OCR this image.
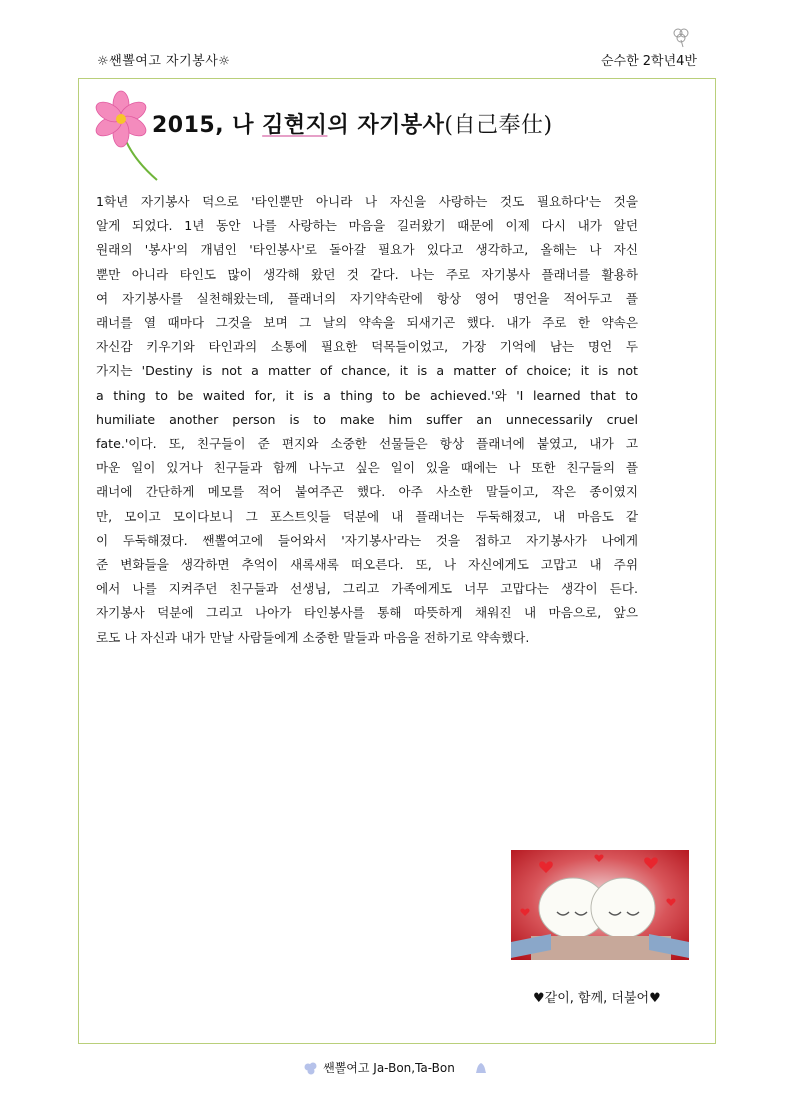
☼쌘뽈여고 자기봉사☼	순수한 2학년4반
2015, 나 김현지의 자기봉사(自己奉仕)
1학년 자기봉사 덕으로 '타인뿐만 아니라 나 자신을 사랑하는 것도 필요하다'는 것을
알게 되었다. 1년 동안 나를 사랑하는 마음을 길러왔기 때문에 이제 다시 내가 알던
원래의 '봉사'의 개념인 '타인봉사'로 돌아갈 필요가 있다고 생각하고, 올해는 나 자신
뿐만 아니라 타인도 많이 생각해 왔던 것 같다. 나는 주로 자기봉사 플래너를 활용하
여 자기봉사를 실천해왔는데, 플래너의 자기약속란에 항상 영어 명언을 적어두고 플
래너를 열 때마다 그것을 보며 그 날의 약속을 되새기곤 했다. 내가 주로 한 약속은
자신감 키우기와 타인과의 소통에 필요한 덕목들이었고, 가장 기억에 남는 명언 두
가지는 'Destiny is not a matter of chance, it is a matter of choice; it is not
a thing to be waited for, it is a thing to be achieved.'와 'I learned that to
humiliate another person is to make him suffer an unnecessarily cruel
fate.'이다. 또, 친구들이 준 편지와 소중한 선물들은 항상 플래너에 붙였고, 내가 고
마운 일이 있거나 친구들과 함께 나누고 싶은 일이 있을 때에는 나 또한 친구들의 플
래너에 간단하게 메모를 적어 붙여주곤 했다. 아주 사소한 말들이고, 작은 종이였지
만, 모이고 모이다보니 그 포스트잇들 덕분에 내 플래너는 두둑해졌고, 내 마음도 같
이 두둑해졌다. 쌘뽈여고에 들어와서 '자기봉사'라는 것을 접하고 자기봉사가 나에게
준 변화들을 생각하면 추억이 새록새록 떠오른다. 또, 나 자신에게도 고맙고 내 주위
에서 나를 지켜주던 친구들과 선생님, 그리고 가족에게도 너무 고맙다는 생각이 든다.
자기봉사 덕분에 그리고 나아가 타인봉사를 통해 따뜻하게 채워진 내 마음으로, 앞으
로도 나 자신과 내가 만날 사람들에게 소중한 말들과 마음을 전하기로 약속했다.
♥같이, 함께, 더불어♥
쌘뽈여고 Ja-Bon,Ta-Bon
